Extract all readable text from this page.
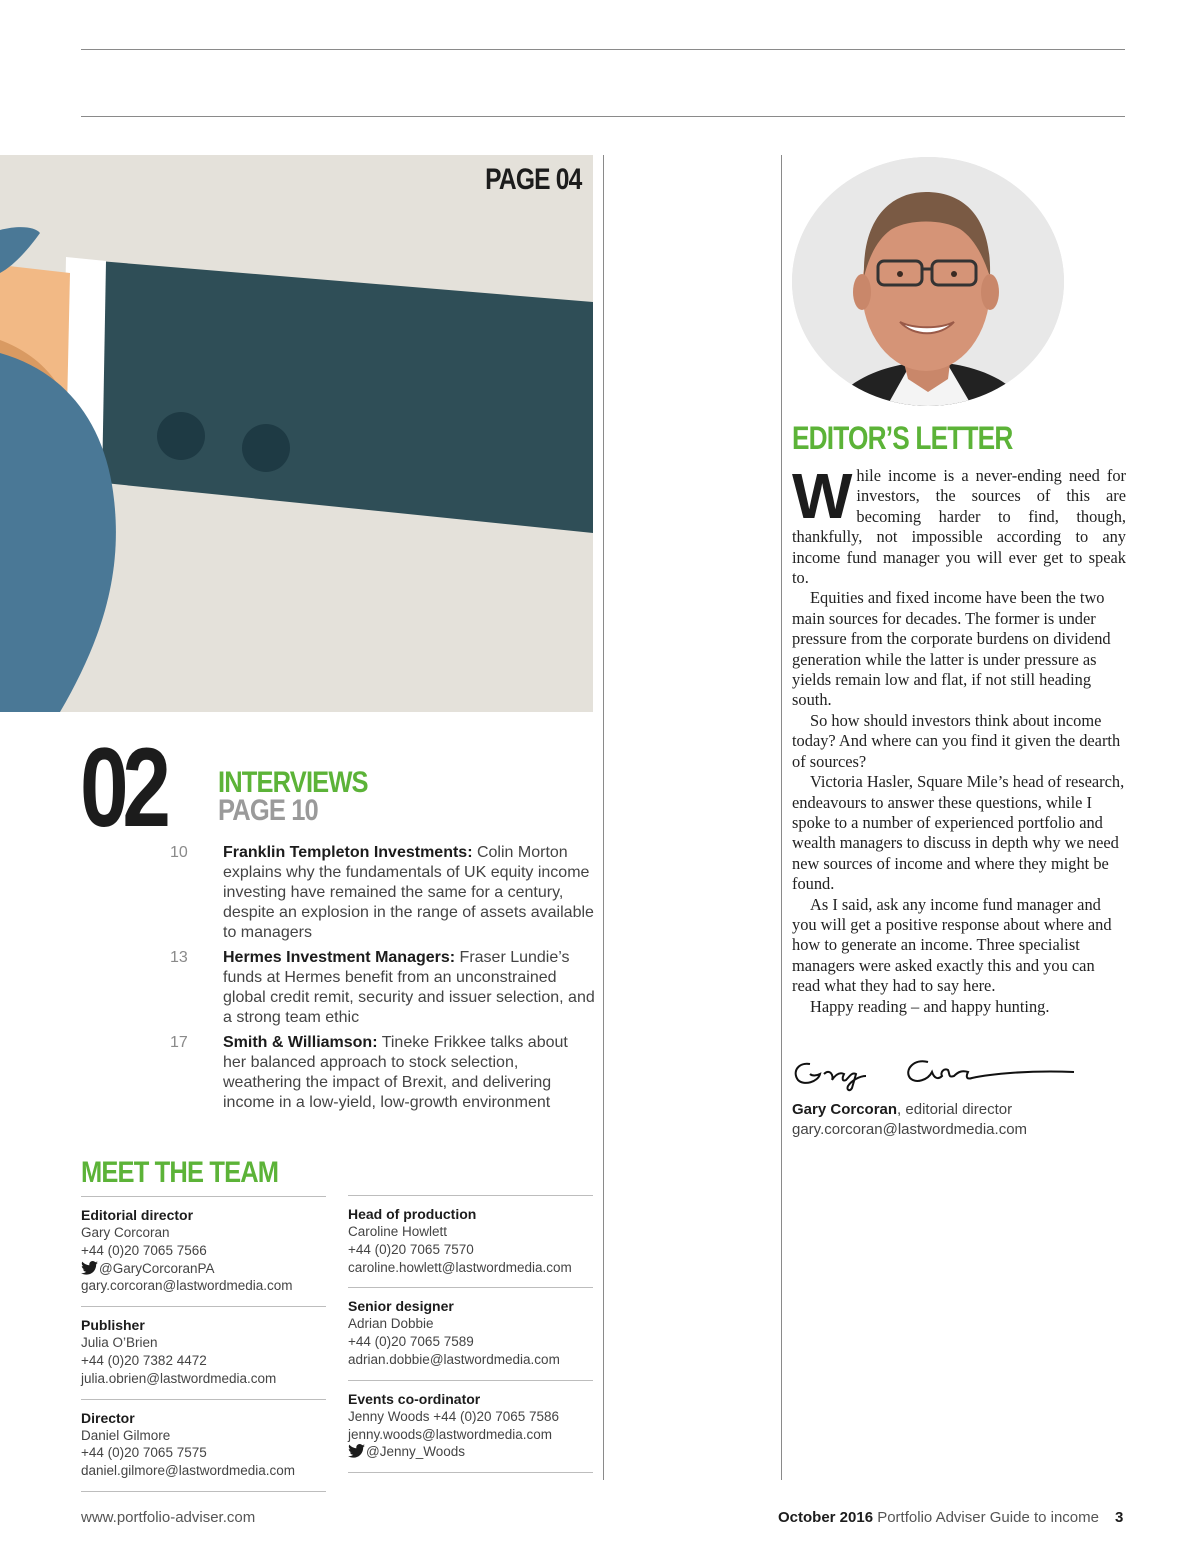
PAGE 04
02 INTERVIEWS
PAGE 10
10	Franklin Templeton Investments: Colin Morton explains why the fundamentals of UK equity income investing have remained the same for a century, despite an explosion in the range of assets available to managers
13	Hermes Investment Managers: Fraser Lundie’s funds at Hermes benefit from an unconstrained global credit remit, security and issuer selection, and a strong team ethic
17	Smith & Williamson: Tineke Frikkee talks about her balanced approach to stock selection, weathering the impact of Brexit, and delivering income in a low-yield, low-growth environment
MEET THE TEAM
Editorial director
Gary Corcoran
+44 (0)20 7065 7566
@GaryCorcoranPA
gary.corcoran@lastwordmedia.com
Publisher
Julia O’Brien
+44 (0)20 7382 4472
julia.obrien@lastwordmedia.com
Director
Daniel Gilmore
+44 (0)20 7065 7575
daniel.gilmore@lastwordmedia.com
Head of production
Caroline Howlett
+44 (0)20 7065 7570
caroline.howlett@lastwordmedia.com
Senior designer
Adrian Dobbie
+44 (0)20 7065 7589
adrian.dobbie@lastwordmedia.com
Events co-ordinator
Jenny Woods +44 (0)20 7065 7586
jenny.woods@lastwordmedia.com
@Jenny_Woods
EDITOR’S LETTER

While income is a never-ending need for investors, the sources of this are becoming harder to find, though, thankfully, not impossible according to any income fund manager you will ever get to speak to.

Equities and fixed income have been the two main sources for decades. The former is under pressure from the corporate burdens on dividend generation while the latter is under pressure as yields remain low and flat, if not still heading south.

So how should investors think about income today? And where can you find it given the dearth of sources?

Victoria Hasler, Square Mile’s head of research, endeavours to answer these questions, while I spoke to a number of experienced portfolio and wealth managers to discuss in depth why we need new sources of income and where they might be found.

As I said, ask any income fund manager and you will get a positive response about where and how to generate an income. Three specialist managers were asked exactly this and you can read what they had to say here.

Happy reading – and happy hunting.

Gary Corcoran, editorial director
gary.corcoran@lastwordmedia.com
www.portfolio-adviser.com	October 2016 Portfolio Adviser Guide to income 3
